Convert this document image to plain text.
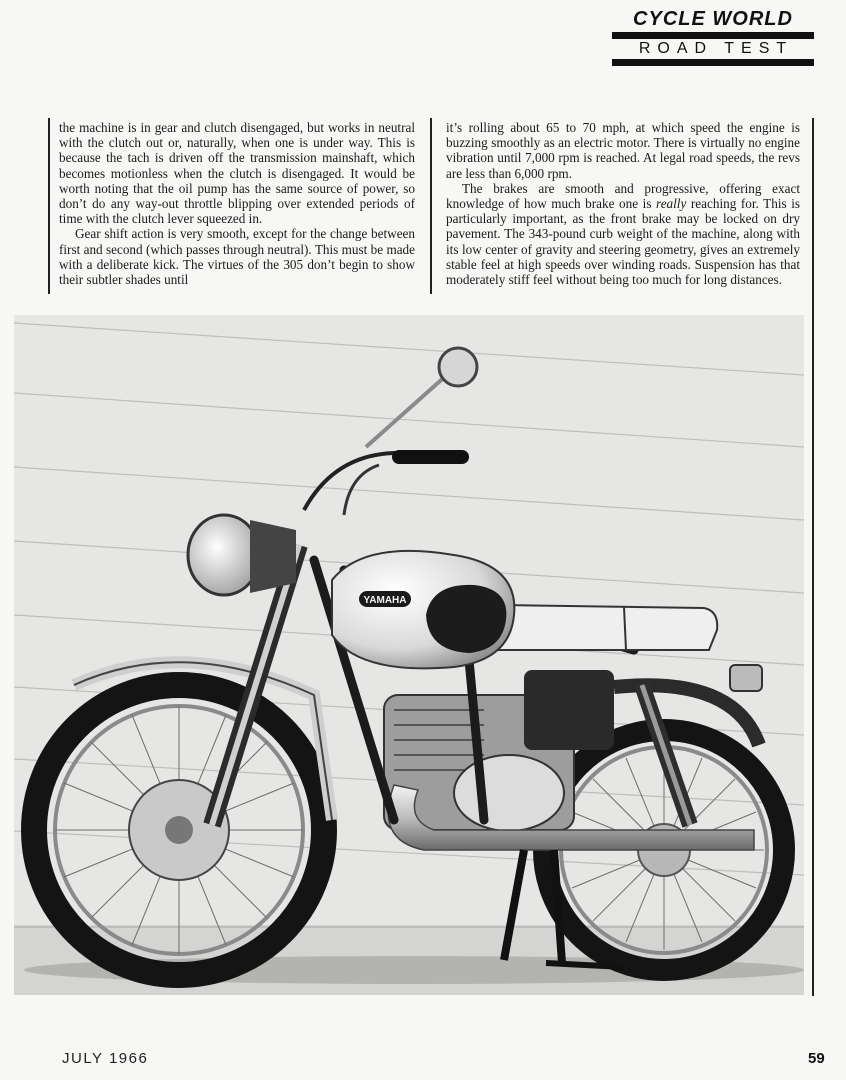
CYCLE WORLD
ROAD TEST

the machine is in gear and clutch disengaged, but works in neutral with the clutch out or, naturally, when one is under way. This is because the tach is driven off the transmission mainshaft, which becomes motionless when the clutch is disengaged. It would be worth noting that the oil pump has the same source of power, so don’t do any way-out throttle blipping over extended periods of time with the clutch lever squeezed in.

Gear shift action is very smooth, except for the change between first and second (which passes through neutral). This must be made with a deliberate kick. The virtues of the 305 don’t begin to show their subtler shades until

it’s rolling about 65 to 70 mph, at which speed the engine is buzzing smoothly as an electric motor. There is virtually no engine vibration until 7,000 rpm is reached. At legal road speeds, the revs are less than 6,000 rpm.

The brakes are smooth and progressive, offering exact knowledge of how much brake one is really reaching for. This is particularly important, as the front brake may be locked on dry pavement. The 343-pound curb weight of the machine, along with its low center of gravity and steering geometry, gives an extremely stable feel at high speeds over winding roads. Suspension has that moderately stiff feel without being too much for long distances.

YAMAHA
JULY 1966	59
